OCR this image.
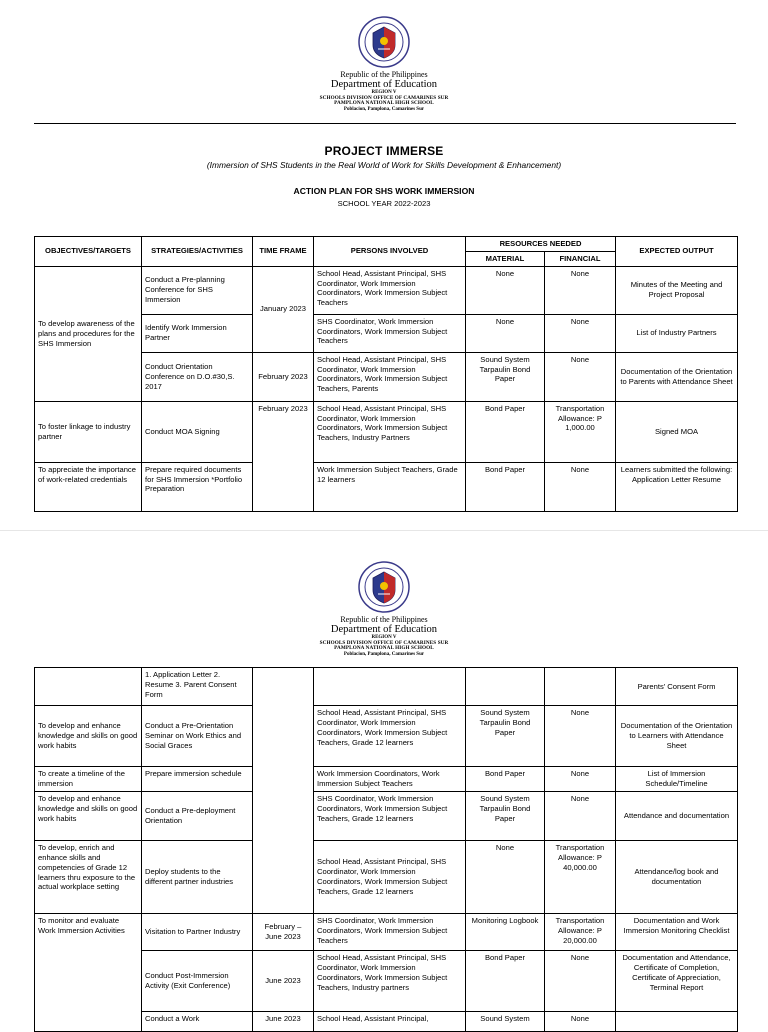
Republic of the Philippines
Department of Education
REGION V
SCHOOLS DIVISION OFFICE OF CAMARINES SUR
PAMPLONA NATIONAL HIGH SCHOOL
Poblacion, Pamplona, Camarines Sur
PROJECT IMMERSE
(Immersion of SHS Students in the Real World of Work for Skills Development & Enhancement)
ACTION PLAN FOR SHS WORK IMMERSION
SCHOOL YEAR 2022-2023
OBJECTIVES/TARGETS	STRATEGIES/ACTIVITIES	TIME FRAME	PERSONS INVOLVED	RESOURCES NEEDED		EXPECTED OUTPUT
				MATERIAL	FINANCIAL	
To develop awareness of the plans and procedures for the SHS Immersion	Conduct a Pre-planning Conference for SHS Immersion	January 2023	School Head, Assistant Principal, SHS Coordinator, Work Immersion Coordinators, Work Immersion Subject Teachers	None	None	Minutes of the Meeting and Project Proposal
	Identify Work Immersion Partner		SHS Coordinator, Work Immersion Coordinators, Work Immersion Subject Teachers	None	None	List of Industry Partners
	Conduct Orientation Conference on D.O.#30,S. 2017	February 2023	School Head, Assistant Principal, SHS Coordinator, Work Immersion Coordinators, Work Immersion Subject Teachers, Parents	Sound System Tarpaulin Bond Paper	None	Documentation of the Orientation to Parents with Attendance Sheet
To foster linkage to industry partner	Conduct MOA Signing	February 2023	School Head, Assistant Principal, SHS Coordinator, Work Immersion Coordinators, Work Immersion Subject Teachers, Industry Partners	Bond Paper	Transportation Allowance: P 1,000.00	Signed MOA
To appreciate the importance of work-related credentials	Prepare required documents for SHS Immersion *Portfolio Preparation		Work Immersion Subject Teachers, Grade 12 learners	Bond Paper	None	Learners submitted the following: Application Letter Resume
Republic of the Philippines
Department of Education
REGION V
SCHOOLS DIVISION OFFICE OF CAMARINES SUR
PAMPLONA NATIONAL HIGH SCHOOL
Poblacion, Pamplona, Camarines Sur
	1. Application Letter 2. Resume 3. Parent Consent Form					Parents' Consent Form
To develop and enhance knowledge and skills on good work habits	Conduct a Pre-Orientation Seminar on Work Ethics and Social Graces		School Head, Assistant Principal, SHS Coordinator, Work Immersion Coordinators, Work Immersion Subject Teachers, Grade 12 learners	Sound System Tarpaulin Bond Paper	None	Documentation of the Orientation to Learners with Attendance Sheet
To create a timeline of the immersion	Prepare immersion schedule		Work Immersion Coordinators, Work Immersion Subject Teachers	Bond Paper	None	List of Immersion Schedule/Timeline
To develop and enhance knowledge and skills on good work habits	Conduct a Pre-deployment Orientation		SHS Coordinator, Work Immersion Coordinators, Work Immersion Subject Teachers, Grade 12 learners	Sound System Tarpaulin Bond Paper	None	Attendance and documentation
To develop, enrich and enhance skills and competencies of Grade 12 learners thru exposure to the actual workplace setting	Deploy students to the different partner industries		School Head, Assistant Principal, SHS Coordinator, Work Immersion Coordinators, Work Immersion Subject Teachers, Grade 12 learners	None	Transportation Allowance: P 40,000.00	Attendance/log book and documentation
To monitor and evaluate Work Immersion Activities	Visitation to Partner Industry	February – June 2023	SHS Coordinator, Work Immersion Coordinators, Work Immersion Subject Teachers	Monitoring Logbook	Transportation Allowance: P 20,000.00	Documentation and Work Immersion Monitoring Checklist
	Conduct Post-Immersion Activity (Exit Conference)	June 2023	School Head, Assistant Principal, SHS Coordinator, Work Immersion Coordinators, Work Immersion Subject Teachers, Industry partners	Bond Paper	None	Documentation and Attendance, Certificate of Completion, Certificate of Appreciation, Terminal Report
	Conduct a Work	June 2023	School Head, Assistant Principal,	Sound System	None	
